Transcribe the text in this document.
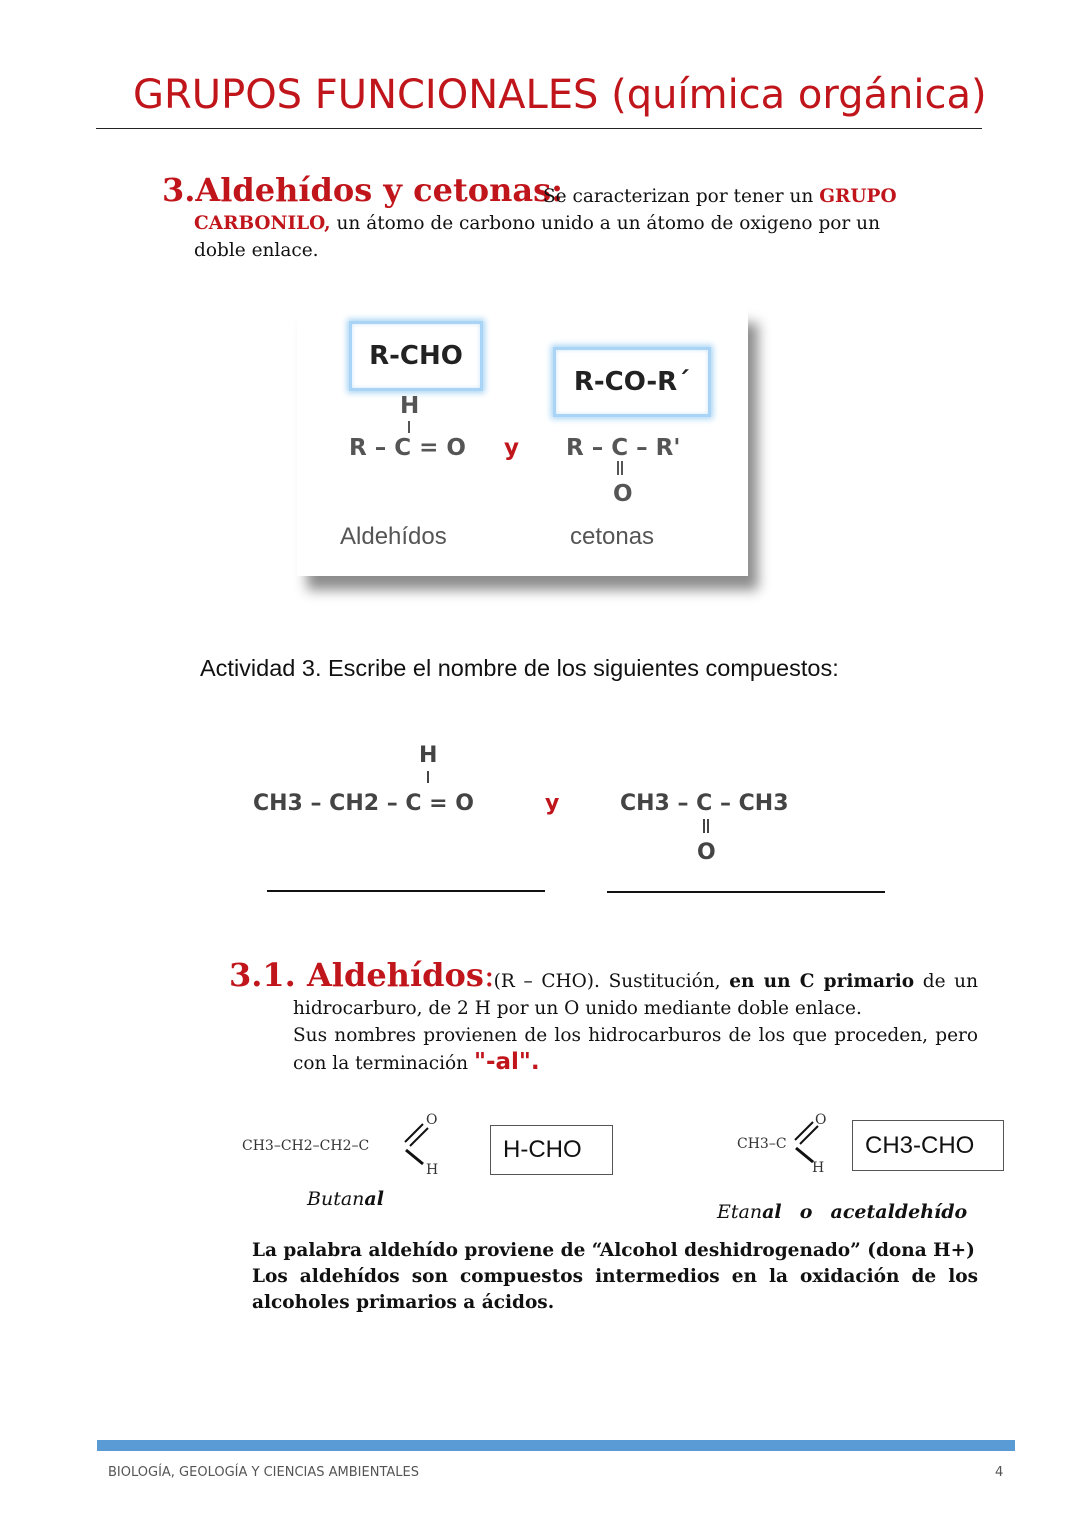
GRUPOS FUNCIONALES (química orgánica)
3.Aldehídos y cetonas:
Se caracterizan por tener un GRUPO

CARBONILO, un átomo de carbono unido a un átomo de oxigeno por un doble enlace.
R-CHO
R-CO-R´
H
R – C = O y R – C – R'
O
Aldehídos	cetonas
Actividad 3. Escribe el nombre de los siguientes compuestos:
H
CH3 – CH2 – C = O	y	CH3 – C – CH3
O
3.1. Aldehídos: (R – CHO). Sustitución, en un C primario de un hidrocarburo, de 2 H por un O unido mediante doble enlace.
Sus nombres provienen de los hidrocarburos de los que proceden, pero con la terminación "-al".
CH3–CH2–CH2–C
O
H
H-CHO	CH3–C
O
H
CH3-CHO
Butanal
Etanal o acetaldehído
La palabra aldehído proviene de “Alcohol deshidrogenado” (dona H+)
Los aldehídos son compuestos intermedios en la oxidación de los alcoholes primarios a ácidos.
BIOLOGÍA, GEOLOGÍA Y CIENCIAS AMBIENTALES	4
